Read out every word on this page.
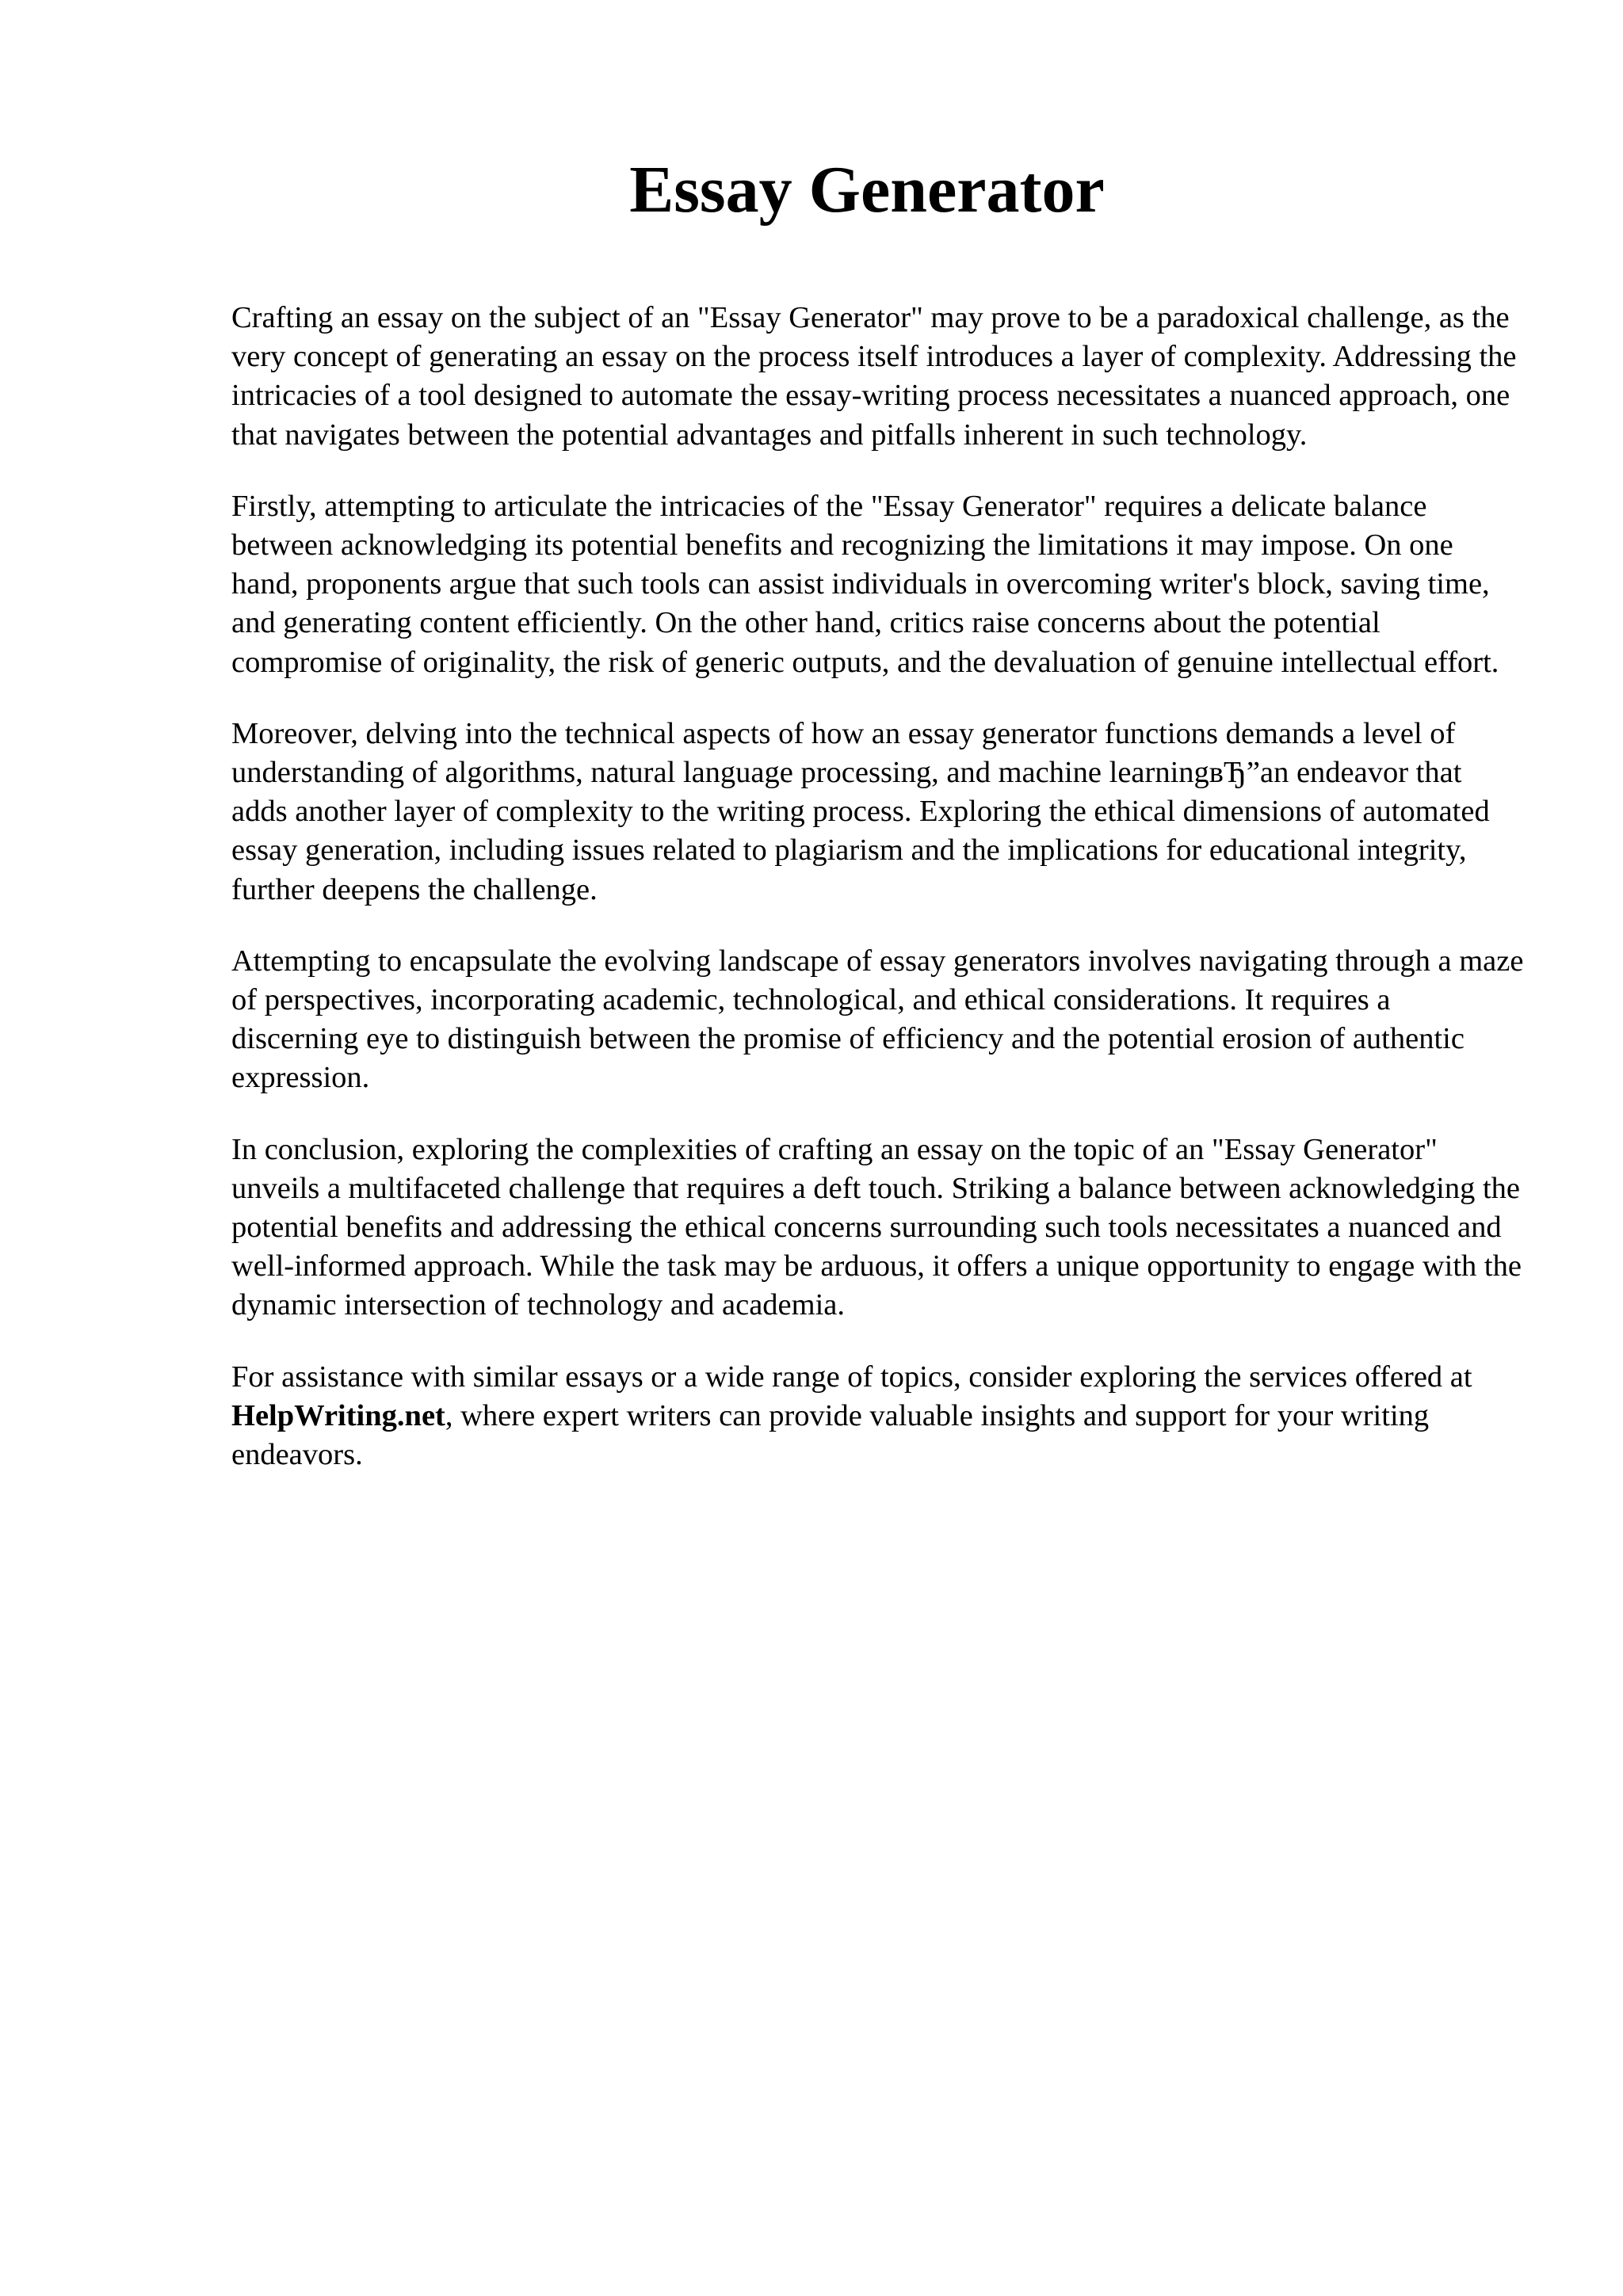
Essay Generator

Crafting an essay on the subject of an "Essay Generator" may prove to be a paradoxical challenge, as the very concept of generating an essay on the process itself introduces a layer of complexity. Addressing the intricacies of a tool designed to automate the essay-writing process necessitates a nuanced approach, one that navigates between the potential advantages and pitfalls inherent in such technology.

Firstly, attempting to articulate the intricacies of the "Essay Generator" requires a delicate balance between acknowledging its potential benefits and recognizing the limitations it may impose. On one hand, proponents argue that such tools can assist individuals in overcoming writer's block, saving time, and generating content efficiently. On the other hand, critics raise concerns about the potential compromise of originality, the risk of generic outputs, and the devaluation of genuine intellectual effort.

Moreover, delving into the technical aspects of how an essay generator functions demands a level of understanding of algorithms, natural language processing, and machine learningвЂ”an endeavor that adds another layer of complexity to the writing process. Exploring the ethical dimensions of automated essay generation, including issues related to plagiarism and the implications for educational integrity, further deepens the challenge.

Attempting to encapsulate the evolving landscape of essay generators involves navigating through a maze of perspectives, incorporating academic, technological, and ethical considerations. It requires a discerning eye to distinguish between the promise of efficiency and the potential erosion of authentic expression.

In conclusion, exploring the complexities of crafting an essay on the topic of an "Essay Generator" unveils a multifaceted challenge that requires a deft touch. Striking a balance between acknowledging the potential benefits and addressing the ethical concerns surrounding such tools necessitates a nuanced and well-informed approach. While the task may be arduous, it offers a unique opportunity to engage with the dynamic intersection of technology and academia.

For assistance with similar essays or a wide range of topics, consider exploring the services offered at HelpWriting.net, where expert writers can provide valuable insights and support for your writing endeavors.
